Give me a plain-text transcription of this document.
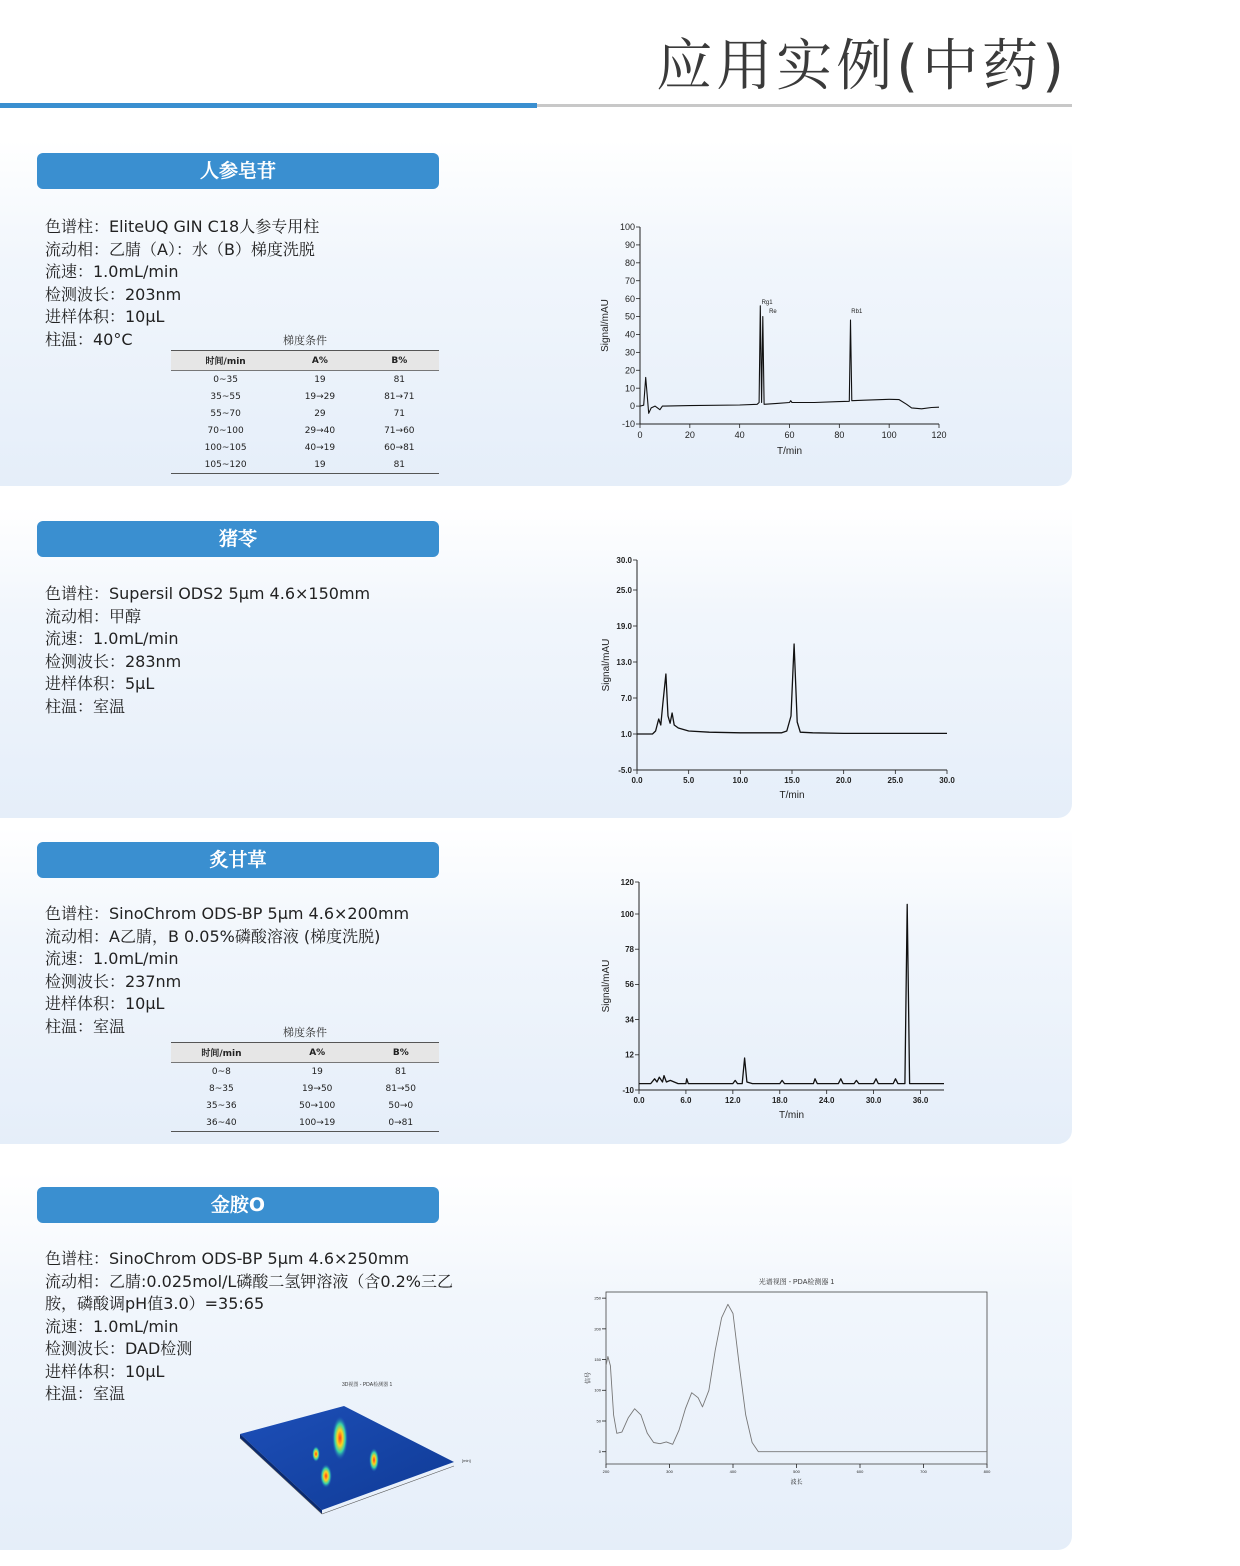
应用实例(中药)
人参皂苷
色谱柱：EliteUQ GIN C18人参专用柱
流动相：乙腈（A）：水（B）梯度洗脱
流速：1.0mL/min
检测波长：203nm
进样体积：10μL
柱温：40°C	梯度条件
时间/min	A%	B%
0~35	19	81
35~55	19→29	81→71
55~70	29	71
70~100	29→40	71→60
100~105	40→19	60→81
105~120	19	81
猪苓
色谱柱：Supersil ODS2 5μm 4.6×150mm
流动相：甲醇
流速：1.0mL/min
检测波长：283nm
进样体积：5μL
柱温：室温
炙甘草
色谱柱：SinoChrom ODS-BP 5μm 4.6×200mm
流动相：A乙腈，B 0.05%磷酸溶液 (梯度洗脱)
流速：1.0mL/min
检测波长：237nm
进样体积：10μL
柱温：室温	梯度条件
时间/min	A%	B%
0~8	19	81
8~35	19→50	81→50
35~36	50→100	50→0
36~40	100→19	0→81
金胺O
色谱柱：SinoChrom ODS-BP 5μm 4.6×250mm
流动相：乙腈:0.025mol/L磷酸二氢钾溶液（含0.2%三乙胺，磷酸调pH值3.0）=35:65
流速：1.0mL/min
检测波长：DAD检测
进样体积：10μL
柱温：室温
0	20	40	60	80	100	120
-10
0
10
20
30
40
50
60
70
80
90
100
T/min
Signal/mAU	Rg1
Re	Rb1
0.0	5.0	10.0	15.0	20.0	25.0	30.0
-5.0
1.0
7.0
13.0
19.0
25.0
30.0
T/min
Signal/mAU
0.0	6.0	12.0	18.0	24.0	30.0	36.0
-10
12
34
56
78
100
120
T/min
Signal/mAU
200	300	400	500	600	700	800
0
50
100
150
200
250
波长
信号
光谱视图 - PDA检测器 1
3D视图 - PDA检测器 1
[min]
